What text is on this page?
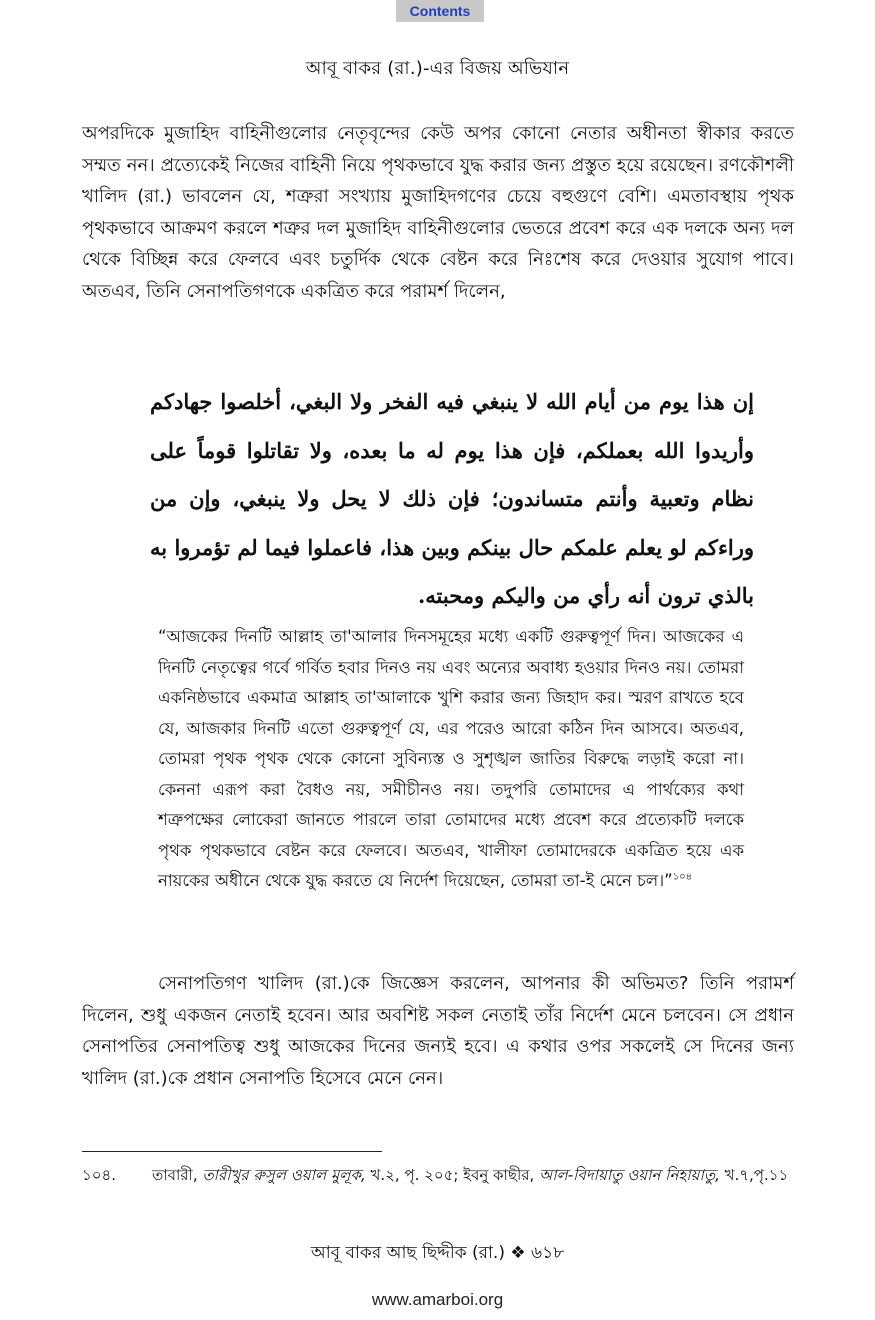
Contents
আবূ বাকর (রা.)-এর বিজয় অভিযান

অপরদিকে মুজাহিদ বাহিনীগুলোর নেতৃবৃন্দের কেউ অপর কোনো নেতার অধীনতা স্বীকার করতে সম্মত নন। প্রত্যেকেই নিজের বাহিনী নিয়ে পৃথকভাবে যুদ্ধ করার জন্য প্রস্তুত হয়ে রয়েছেন। রণকৌশলী খালিদ (রা.) ভাবলেন যে, শত্রুরা সংখ্যায় মুজাহিদগণের চেয়ে বহুগুণে বেশি। এমতাবস্থায় পৃথক পৃথকভাবে আক্রমণ করলে শত্রুর দল মুজাহিদ বাহিনীগুলোর ভেতরে প্রবেশ করে এক দলকে অন্য দল থেকে বিচ্ছিন্ন করে ফেলবে এবং চতুর্দিক থেকে বেষ্টন করে নিঃশেষ করে দেওয়ার সুযোগ পাবে। অতএব, তিনি সেনাপতিগণকে একত্রিত করে পরামর্শ দিলেন,

إن هذا يوم من أيام الله لا ينبغي فيه الفخر ولا البغي، أخلصوا جهادكم وأريدوا الله بعملكم، فإن هذا يوم له ما بعده، ولا تقاتلوا قوماً على نظام وتعبية وأنتم متساندون؛ فإن ذلك لا يحل ولا ينبغي، وإن من وراءكم لو يعلم علمكم حال بينكم وبين هذا، فاعملوا فيما لم تؤمروا به بالذي ترون أنه رأي من واليكم ومحبته.

“আজকের দিনটি আল্লাহ তা'আলার দিনসমূহের মধ্যে একটি গুরুত্বপূর্ণ দিন। আজকের এ দিনটি নেতৃত্বের গর্বে গর্বিত হবার দিনও নয় এবং অন্যের অবাধ্য হওয়ার দিনও নয়। তোমরা একনিষ্ঠভাবে একমাত্র আল্লাহ তা'আলাকে খুশি করার জন্য জিহাদ কর। স্মরণ রাখতে হবে যে, আজকার দিনটি এতো গুরুত্বপূর্ণ যে, এর পরেও আরো কঠিন দিন আসবে। অতএব, তোমরা পৃথক পৃথক থেকে কোনো সুবিন্যস্ত ও সুশৃঙ্খল জাতির বিরুদ্ধে লড়াই করো না। কেননা এরূপ করা বৈধও নয়, সমীচীনও নয়। তদুপরি তোমাদের এ পার্থক্যের কথা শত্রুপক্ষের লোকেরা জানতে পারলে তারা তোমাদের মধ্যে প্রবেশ করে প্রত্যেকটি দলকে পৃথক পৃথকভাবে বেষ্টন করে ফেলবে। অতএব, খালীফা তোমাদেরকে একত্রিত হয়ে এক নায়কের অধীনে থেকে যুদ্ধ করতে যে নির্দেশ দিয়েছেন, তোমরা তা-ই মেনে চল।”$^{১০৪}$

সেনাপতিগণ খালিদ (রা.)কে জিজ্ঞেস করলেন, আপনার কী অভিমত? তিনি পরামর্শ দিলেন, শুধু একজন নেতাই হবেন। আর অবশিষ্ট সকল নেতাই তাঁর নির্দেশ মেনে চলবেন। সে প্রধান সেনাপতির সেনাপতিত্ব শুধু আজকের দিনের জন্যই হবে। এ কথার ওপর সকলেই সে দিনের জন্য খালিদ (রা.)কে প্রধান সেনাপতি হিসেবে মেনে নেন।

১০৪. তাবারী, তারীখুর রুসুল ওয়াল মুলূক, খ.২, পৃ. ২০৫; ইবনু কাছীর, আল-বিদায়াতু ওয়ান নিহায়াতু, খ.৭,পৃ.১১

আবূ বাকর আছ ছিদ্দীক (রা.) ❖ ৬১৮
www.amarboi.org
